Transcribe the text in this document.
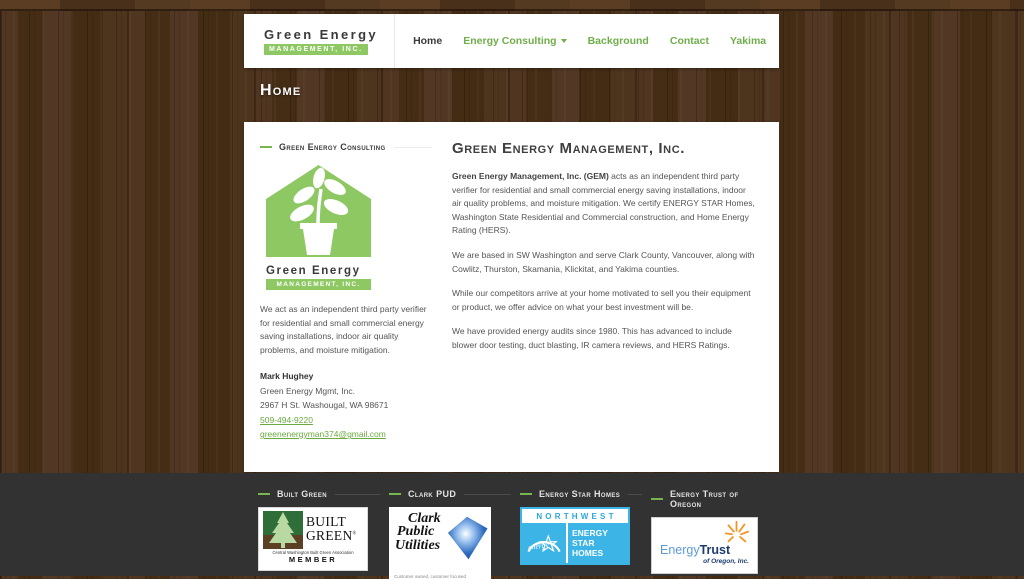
Green Energy
MANAGEMENT, INC.
Home Energy Consulting	Background Contact Yakima
Home
Green Energy Consulting
Green Energy
MANAGEMENT, INC.

We act as an independent third party verifier for residential and small commercial energy saving installations, indoor air quality problems, and moisture mitigation.

Mark Hughey
Green Energy Mgmt, Inc.
2967 H St. Washougal, WA 98671
509-494-9220
greenenergyman374@gmail.com
Green Energy Management, Inc.

Green Energy Management, Inc. (GEM) acts as an independent third party verifier for residential and small commercial energy saving installations, indoor air quality problems, and moisture mitigation. We certify ENERGY STAR Homes, Washington State Residential and Commercial construction, and Home Energy Rating (HERS).

We are based in SW Washington and serve Clark County, Vancouver, along with Cowlitz, Thurston, Skamania, Klickitat, and Yakima counties.

While our competitors arrive at your home motivated to sell you their equipment or product, we offer advice on what your best investment will be.

We have provided energy audits since 1980. This has advanced to include blower door testing, duct blasting, IR camera reviews, and HERS Ratings.

Built Green
BUILT
GREEN®
Central Washington Built Green Association
MEMBER
Clark PUD
Clark
Public
Utilities
Customer owned, customer focused
Energy Star Homes
NORTHWEST
energy
ENERGY STAR
HOMES
Energy Trust of Oregon
EnergyTrust
of Oregon, Inc.
